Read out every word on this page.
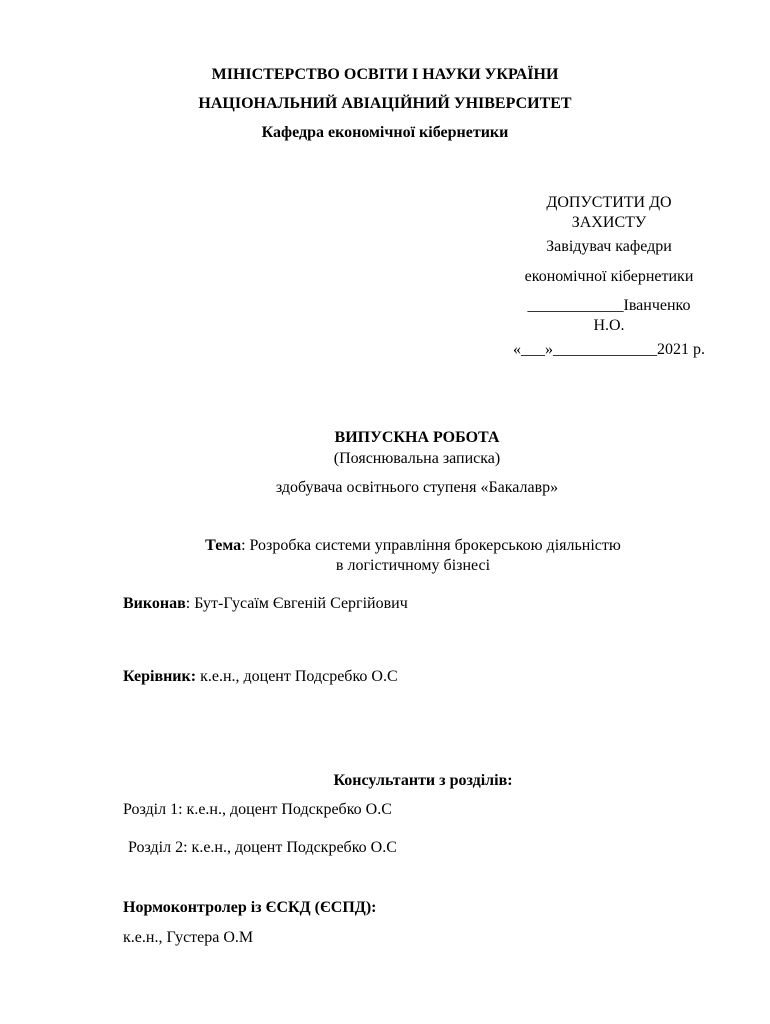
МІНІСТЕРСТВО ОСВІТИ І НАУКИ УКРАЇНИ
НАЦІОНАЛЬНИЙ АВІАЦІЙНИЙ УНІВЕРСИТЕТ
Кафедра економічної кібернетики
ДОПУСТИТИ ДО
ЗАХИСТУ
Завідувач кафедри
економічної кібернетики
____________Іванченко
Н.О.
«___»_____________2021 р.
ВИПУСКНА РОБОТА
(Пояснювальна записка)
здобувача освітнього ступеня «Бакалавр»
Тема: Розробка системи управління брокерською діяльністю
в логістичному бізнесі
Виконав: Бут-Гусаїм Євгеній Сергійович
Керівник: к.е.н., доцент Подсребко О.С
Консультанти з розділів:
Розділ 1: к.е.н., доцент Подскребко О.С
Розділ 2: к.е.н., доцент Подскребко О.С
Нормоконтролер із ЄСКД (ЄСПД):
к.е.н., Густера О.М
